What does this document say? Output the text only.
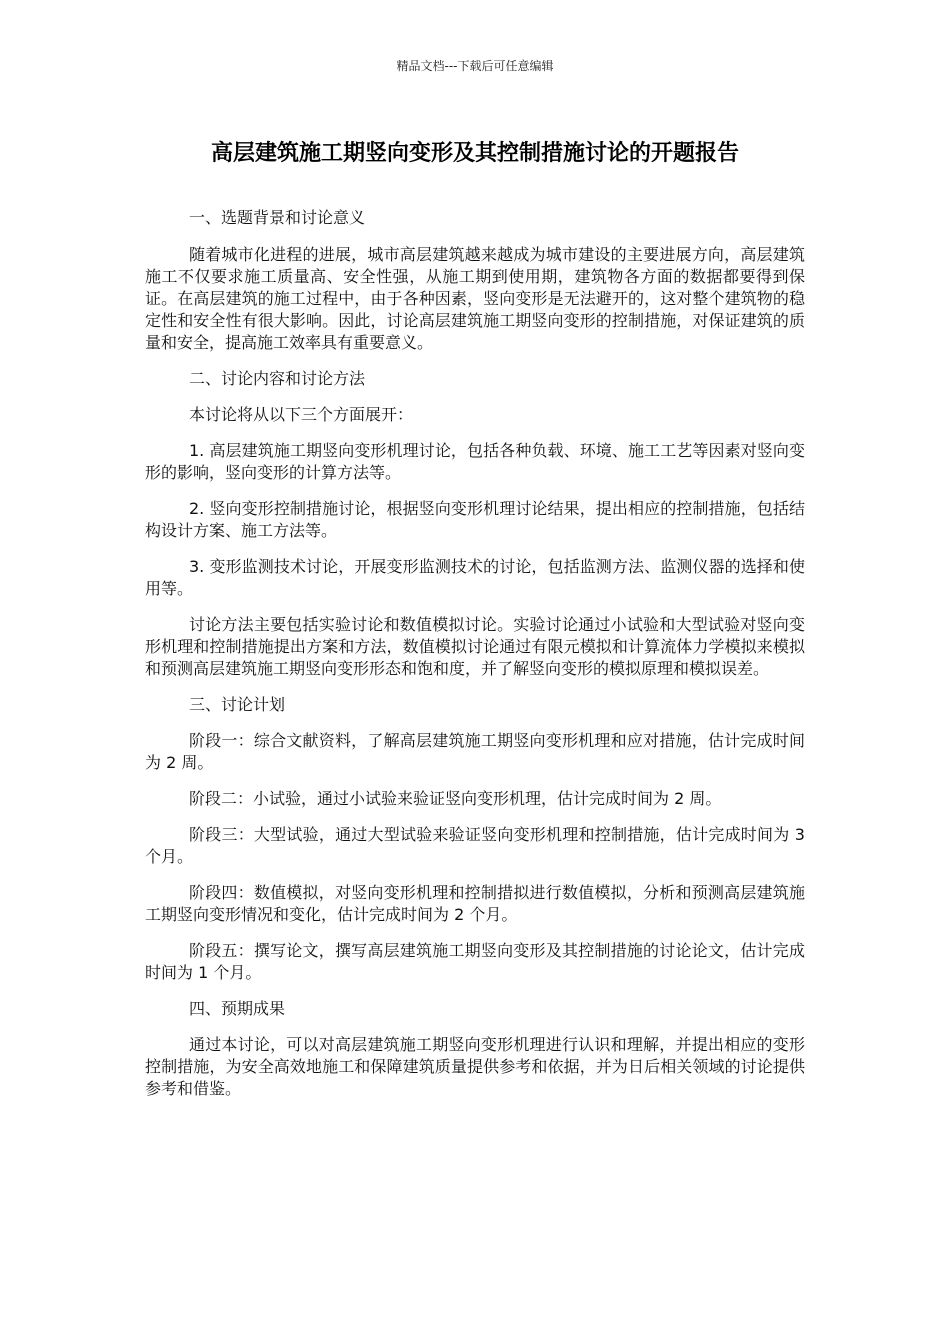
精品文档---下载后可任意编辑
高层建筑施工期竖向变形及其控制措施讨论的开题报告

一、选题背景和讨论意义

随着城市化进程的进展，城市高层建筑越来越成为城市建设的主要进展方向，高层建筑施工不仅要求施工质量高、安全性强，从施工期到使用期，建筑物各方面的数据都要得到保证。在高层建筑的施工过程中，由于各种因素，竖向变形是无法避开的，这对整个建筑物的稳定性和安全性有很大影响。因此，讨论高层建筑施工期竖向变形的控制措施，对保证建筑的质量和安全，提高施工效率具有重要意义。

二、讨论内容和讨论方法

本讨论将从以下三个方面展开：

1. 高层建筑施工期竖向变形机理讨论，包括各种负载、环境、施工工艺等因素对竖向变形的影响，竖向变形的计算方法等。

2. 竖向变形控制措施讨论，根据竖向变形机理讨论结果，提出相应的控制措施，包括结构设计方案、施工方法等。

3. 变形监测技术讨论，开展变形监测技术的讨论，包括监测方法、监测仪器的选择和使用等。

讨论方法主要包括实验讨论和数值模拟讨论。实验讨论通过小试验和大型试验对竖向变形机理和控制措施提出方案和方法，数值模拟讨论通过有限元模拟和计算流体力学模拟来模拟和预测高层建筑施工期竖向变形形态和饱和度，并了解竖向变形的模拟原理和模拟误差。

三、讨论计划

阶段一：综合文献资料，了解高层建筑施工期竖向变形机理和应对措施，估计完成时间为 2 周。

阶段二：小试验，通过小试验来验证竖向变形机理，估计完成时间为 2 周。

阶段三：大型试验，通过大型试验来验证竖向变形机理和控制措施，估计完成时间为 3 个月。

阶段四：数值模拟，对竖向变形机理和控制措拟进行数值模拟，分析和预测高层建筑施工期竖向变形情况和变化，估计完成时间为 2 个月。

阶段五：撰写论文，撰写高层建筑施工期竖向变形及其控制措施的讨论论文，估计完成时间为 1 个月。

四、预期成果

通过本讨论，可以对高层建筑施工期竖向变形机理进行认识和理解，并提出相应的变形控制措施，为安全高效地施工和保障建筑质量提供参考和依据，并为日后相关领域的讨论提供参考和借鉴。
